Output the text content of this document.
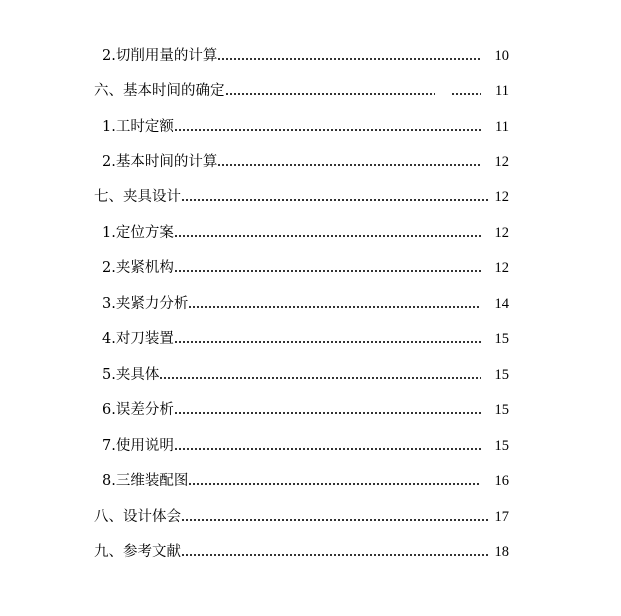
2.切削用量的计算	10
六、基本时间的确定	11
1.工时定额	11
2.基本时间的计算	12
七、夹具设计	12
1.定位方案	12
2.夹紧机构	12
3.夹紧力分析	14
4.对刀装置	15
5.夹具体	15
6.误差分析	15
7.使用说明	15
8.三维装配图	16
八、设计体会	17
九、参考文献	18
